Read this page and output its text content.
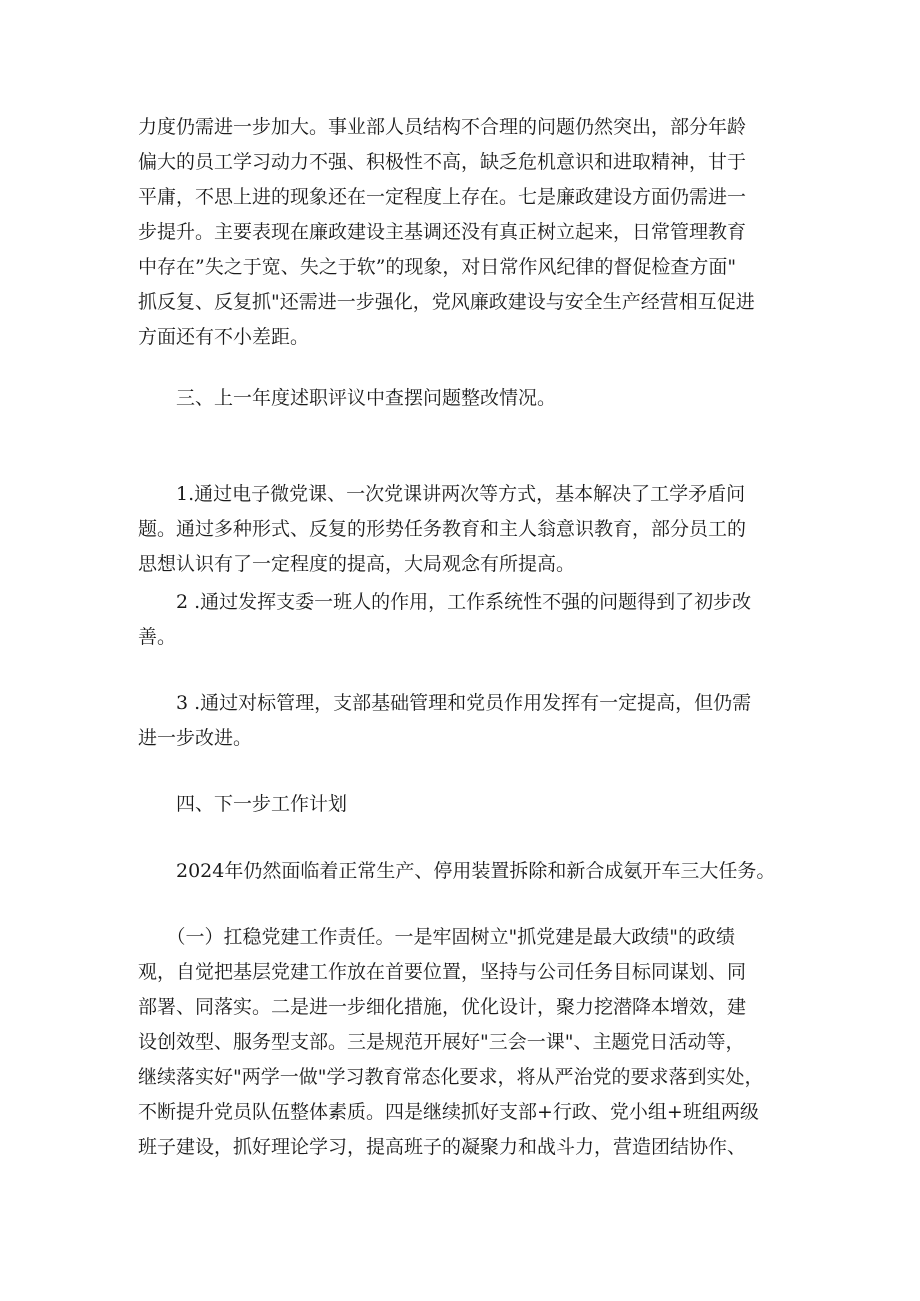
力度仍需进一步加大。事业部人员结构不合理的问题仍然突出，部分年龄
偏大的员工学习动力不强、积极性不高，缺乏危机意识和进取精神，甘于
平庸，不思上进的现象还在一定程度上存在。七是廉政建设方面仍需进一
步提升。主要表现在廉政建设主基调还没有真正树立起来，日常管理教育
中存在”失之于宽、失之于软”的现象，对日常作风纪律的督促检查方面"
抓反复、反复抓"还需进一步强化，党风廉政建设与安全生产经营相互促进
方面还有不小差距。

　　三、上一年度述职评议中查摆问题整改情况。

　　1.通过电子微党课、一次党课讲两次等方式，基本解决了工学矛盾问
题。通过多种形式、反复的形势任务教育和主人翁意识教育，部分员工的
思想认识有了一定程度的提高，大局观念有所提高。

　　2 .通过发挥支委一班人的作用，工作系统性不强的问题得到了初步改
善。

　　3 .通过对标管理，支部基础管理和党员作用发挥有一定提高，但仍需
进一步改进。

　　四、下一步工作计划

　　2024年仍然面临着正常生产、停用装置拆除和新合成氨开车三大任务。

　　（一）扛稳党建工作责任。一是牢固树立"抓党建是最大政绩"的政绩
观，自觉把基层党建工作放在首要位置，坚持与公司任务目标同谋划、同
部署、同落实。二是进一步细化措施，优化设计，聚力挖潜降本增效，建
设创效型、服务型支部。三是规范开展好"三会一课"、主题党日活动等，
继续落实好"两学一做"学习教育常态化要求，将从严治党的要求落到实处，
不断提升党员队伍整体素质。四是继续抓好支部+行政、党小组+班组两级
班子建设，抓好理论学习，提高班子的凝聚力和战斗力，营造团结协作、
